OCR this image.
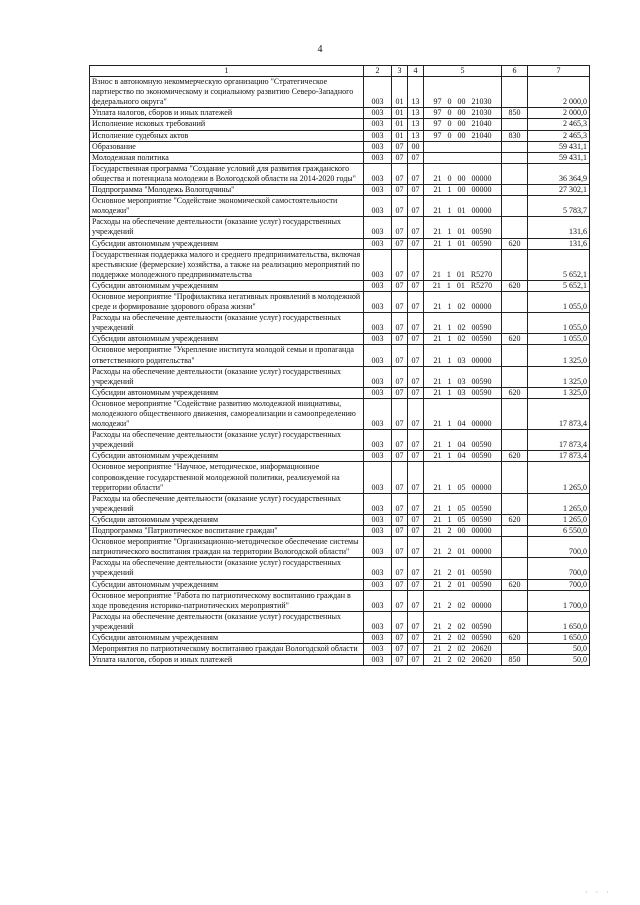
4
1	2	3	4	5	6	7
Взнос в автономную некоммерческую организацию "Стратегическое партнерство по экономическому и социальному развитию Северо-Западного федерального округа"	003	01	13	97 0 00 21030		2 000,0
Уплата налогов, сборов и иных платежей	003	01	13	97 0 00 21030	850	2 000,0
Исполнение исковых требований	003	01	13	97 0 00 21040		2 465,3
Исполнение судебных актов	003	01	13	97 0 00 21040	830	2 465,3
Образование	003	07	00			59 431,1
Молодежная политика	003	07	07			59 431,1
Государственная программа "Создание условий для развития гражданского общества и потенциала молодежи в Вологодской области на 2014-2020 годы"	003	07	07	21 0 00 00000		36 364,9
Подпрограмма "Молодежь Вологодчины"	003	07	07	21 1 00 00000		27 302,1
Основное мероприятие "Содействие экономической самостоятельности молодежи"	003	07	07	21 1 01 00000		5 783,7
Расходы на обеспечение деятельности (оказание услуг) государственных учреждений	003	07	07	21 1 01 00590		131,6
Субсидии автономным учреждениям	003	07	07	21 1 01 00590	620	131,6
Государственная поддержка малого и среднего предпринимательства, включая крестьянские (фермерские) хозяйства, а также на реализацию мероприятий по поддержке молодежного предпринимательства	003	07	07	21 1 01 R5270		5 652,1
Субсидии автономным учреждениям	003	07	07	21 1 01 R5270	620	5 652,1
Основное мероприятие "Профилактика негативных проявлений в молодежной среде и формирование здорового образа жизни"	003	07	07	21 1 02 00000		1 055,0
Расходы на обеспечение деятельности (оказание услуг) государственных учреждений	003	07	07	21 1 02 00590		1 055,0
Субсидии автономным учреждениям	003	07	07	21 1 02 00590	620	1 055,0
Основное мероприятие "Укрепление института молодой семьи и пропаганда ответственного родительства"	003	07	07	21 1 03 00000		1 325,0
Расходы на обеспечение деятельности (оказание услуг) государственных учреждений	003	07	07	21 1 03 00590		1 325,0
Субсидии автономным учреждениям	003	07	07	21 1 03 00590	620	1 325,0
Основное мероприятие "Содействие развитию молодежной инициативы, молодежного общественного движения, самореализации и самоопределению молодежи"	003	07	07	21 1 04 00000		17 873,4
Расходы на обеспечение деятельности (оказание услуг) государственных учреждений	003	07	07	21 1 04 00590		17 873,4
Субсидии автономным учреждениям	003	07	07	21 1 04 00590	620	17 873,4
Основное мероприятие "Научное, методическое, информационное сопровождение государственной молодежной политики, реализуемой на территории области"	003	07	07	21 1 05 00000		1 265,0
Расходы на обеспечение деятельности (оказание услуг) государственных учреждений	003	07	07	21 1 05 00590		1 265,0
Субсидии автономным учреждениям	003	07	07	21 1 05 00590	620	1 265,0
Подпрограмма "Патриотическое воспитание граждан"	003	07	07	21 2 00 00000		6 550,0
Основное мероприятие "Организационно-методическое обеспечение системы патриотического воспитания граждан на территории Вологодской области"	003	07	07	21 2 01 00000		700,0
Расходы на обеспечение деятельности (оказание услуг) государственных учреждений	003	07	07	21 2 01 00590		700,0
Субсидии автономным учреждениям	003	07	07	21 2 01 00590	620	700,0
Основное мероприятие "Работа по патриотическому воспитанию граждан в ходе проведения историко-патриотических мероприятий"	003	07	07	21 2 02 00000		1 700,0
Расходы на обеспечение деятельности (оказание услуг) государственных учреждений	003	07	07	21 2 02 00590		1 650,0
Субсидии автономным учреждениям	003	07	07	21 2 02 00590	620	1 650,0
Мероприятия по патриотическому воспитанию граждан Вологодской области	003	07	07	21 2 02 20620		50,0
Уплата налогов, сборов и иных платежей	003	07	07	21 2 02 20620	850	50,0
· · ·
